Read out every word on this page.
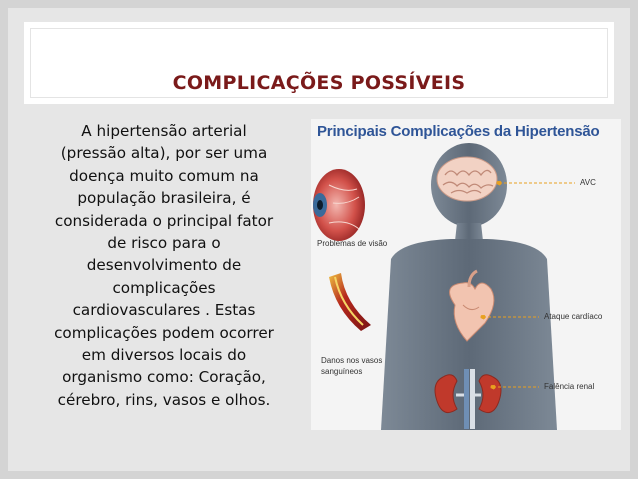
COMPLICAÇÕES POSSÍVEIS
A hipertensão arterial
(pressão alta), por ser uma
doença muito comum na
população brasileira, é
considerada o principal fator
de risco para o
desenvolvimento de
complicações
cardiovasculares . Estas
complicações podem ocorrer
em diversos locais do
organismo como: Coração,
cérebro, rins, vasos e olhos.
Principais Complicações da Hipertensão
AVC
Problemas de visão
Ataque cardíaco
Danos nos vasos
sanguíneos
Falência renal
